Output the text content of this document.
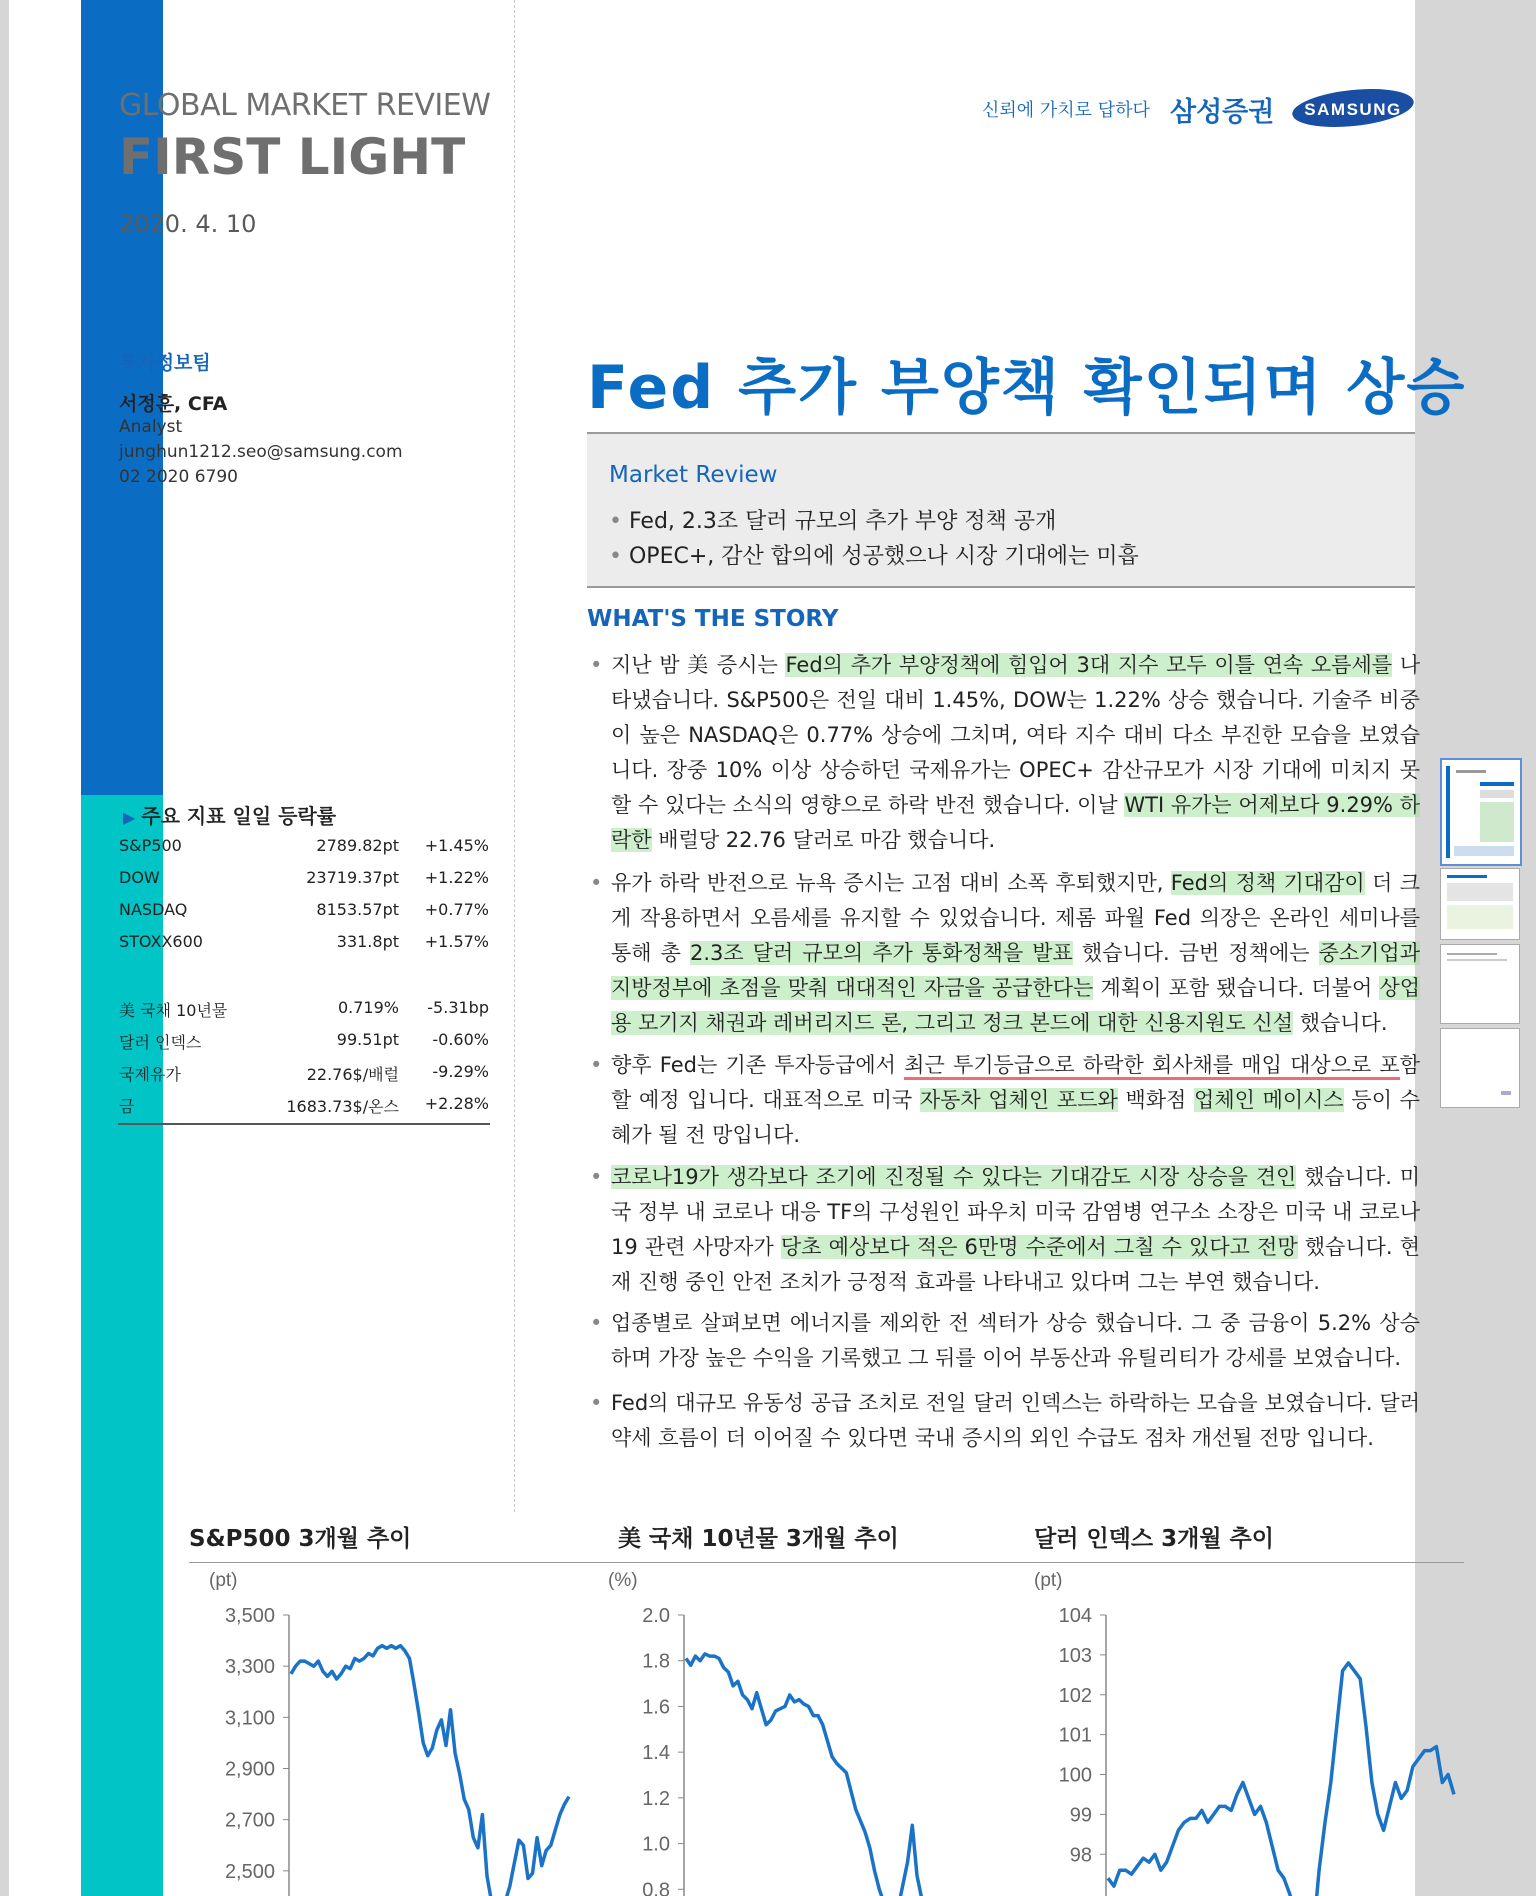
GLOBAL MARKET REVIEW
FIRST LIGHT
2020. 4. 10
신뢰에 가치로 답하다 삼성증권 SAMSUNG
투자정보팀
서정훈, CFA
Analyst
junghun1212.seo@samsung.com
02 2020 6790
Fed 추가 부양책 확인되며 상승
Market Review
• Fed, 2.3조 달러 규모의 추가 부양 정책 공개
• OPEC+, 감산 합의에 성공했으나 시장 기대에는 미흡
WHAT'S THE STORY
• 지난 밤 美 증시는 Fed의 추가 부양정책에 힘입어 3대 지수 모두 이틀 연속 오름세를 나타냈습니다. S&P500은 전일 대비 1.45%, DOW는 1.22% 상승 했습니다. 기술주 비중이 높은 NASDAQ은 0.77% 상승에 그치며, 여타 지수 대비 다소 부진한 모습을 보였습니다. 장중 10% 이상 상승하던 국제유가는 OPEC+ 감산규모가 시장 기대에 미치지 못할 수 있다는 소식의 영향으로 하락 반전 했습니다. 이날 WTI 유가는 어제보다 9.29% 하락한 배럴당 22.76 달러로 마감 했습니다.
• 유가 하락 반전으로 뉴욕 증시는 고점 대비 소폭 후퇴했지만, Fed의 정책 기대감이 더 크게 작용하면서 오름세를 유지할 수 있었습니다. 제롬 파월 Fed 의장은 온라인 세미나를 통해 총 2.3조 달러 규모의 추가 통화정책을 발표 했습니다. 금번 정책에는 중소기업과 지방정부에 초점을 맞춰 대대적인 자금을 공급한다는 계획이 포함 됐습니다. 더불어 상업용 모기지 채권과 레버리지드 론, 그리고 정크 본드에 대한 신용지원도 신설 했습니다.
• 향후 Fed는 기존 투자등급에서 최근 투기등급으로 하락한 회사채를 매입 대상으로 포함할 예정 입니다. 대표적으로 미국 자동차 업체인 포드와 백화점 업체인 메이시스 등이 수혜가 될 전 망입니다.
• 코로나19가 생각보다 조기에 진정될 수 있다는 기대감도 시장 상승을 견인 했습니다. 미국 정부 내 코로나 대응 TF의 구성원인 파우치 미국 감염병 연구소 소장은 미국 내 코로나19 관련 사망자가 당초 예상보다 적은 6만명 수준에서 그칠 수 있다고 전망 했습니다. 현재 진행 중인 안전 조치가 긍정적 효과를 나타내고 있다며 그는 부연 했습니다.
• 업종별로 살펴보면 에너지를 제외한 전 섹터가 상승 했습니다. 그 중 금융이 5.2% 상승하며 가장 높은 수익을 기록했고 그 뒤를 이어 부동산과 유틸리티가 강세를 보였습니다.
• Fed의 대규모 유동성 공급 조치로 전일 달러 인덱스는 하락하는 모습을 보였습니다. 달러 약세 흐름이 더 이어질 수 있다면 국내 증시의 외인 수급도 점차 개선될 전망 입니다.
▶ 주요 지표 일일 등락률
S&P500	2789.82pt +1.45%
DOW	23719.37pt +1.22%
NASDAQ	8153.57pt +0.77%
STOXX600	331.8pt +1.57%
美 국채 10년물	0.719% -5.31bp
달러 인덱스	99.51pt -0.60%
국제유가	22.76$/배럴 -9.29%
금	1683.73$/온스 +2.28%
S&P500 3개월 추이
(pt)
3,500
3,300
3,100
2,900
2,700
2,500
美 국채 10년물 3개월 추이
(%)
2.0
1.8
1.6
1.4
1.2
1.0
0.8
달러 인덱스 3개월 추이
(pt)
104
103
102
101
100
99
98
